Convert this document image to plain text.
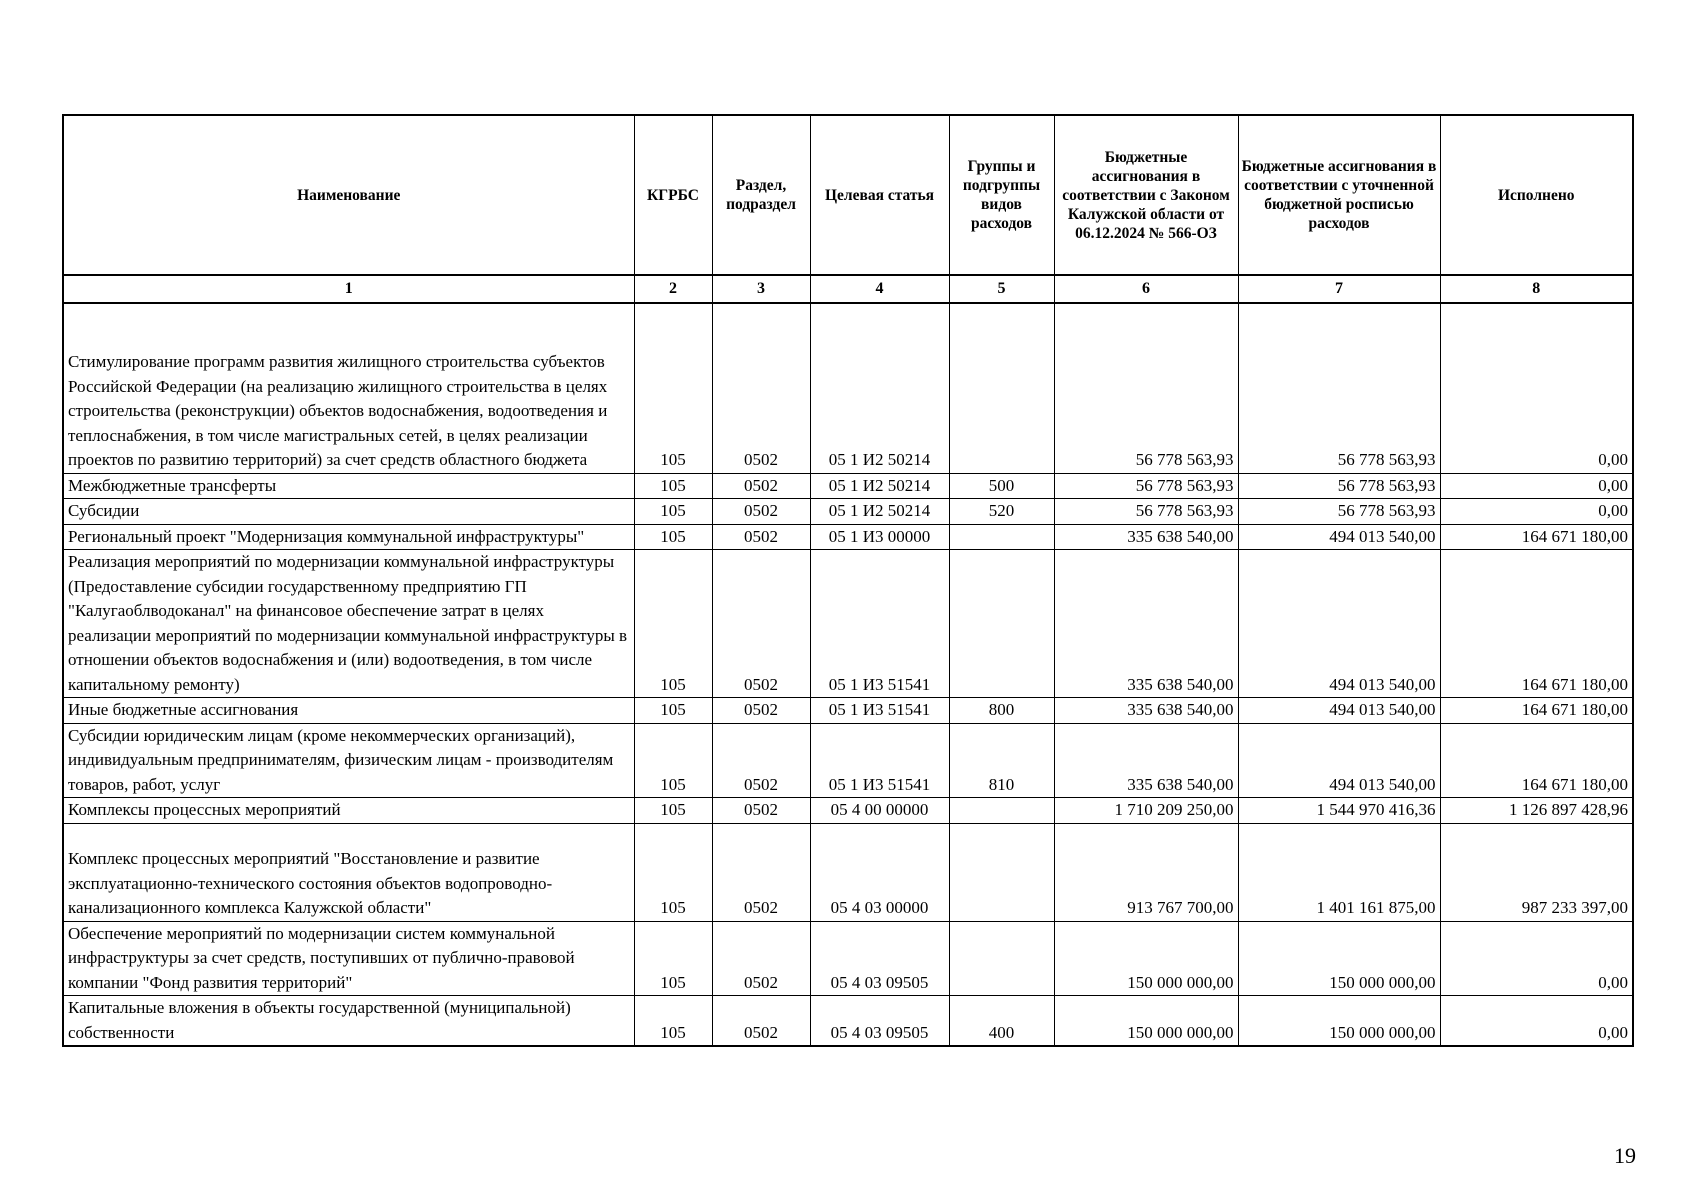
Наименование	КГРБС	Раздел, подраздел	Целевая статья	Группы и подгруппы видов расходов	Бюджетные ассигнования в соответствии с Законом Калужской области от 06.12.2024 № 566-ОЗ	Бюджетные ассигнования в соответствии с уточненной бюджетной росписью расходов	Исполнено
1	2	3	4	5	6	7	8
Стимулирование программ развития жилищного строительства субъектов Российской Федерации (на реализацию жилищного строительства в целях строительства (реконструкции) объектов водоснабжения, водоотведения и теплоснабжения, в том числе магистральных сетей, в целях реализации проектов по развитию территорий) за счет средств областного бюджета	105	0502	05 1 И2 50214		56 778 563,93	56 778 563,93	0,00
Межбюджетные трансферты	105	0502	05 1 И2 50214	500	56 778 563,93	56 778 563,93	0,00
Субсидии	105	0502	05 1 И2 50214	520	56 778 563,93	56 778 563,93	0,00
Региональный проект "Модернизация коммунальной инфраструктуры"	105	0502	05 1 И3 00000		335 638 540,00	494 013 540,00	164 671 180,00
Реализация мероприятий по модернизации коммунальной инфраструктуры (Предоставление субсидии государственному предприятию ГП "Калугаоблводоканал" на финансовое обеспечение затрат в целях реализации мероприятий по модернизации коммунальной инфраструктуры в отношении объектов водоснабжения и (или) водоотведения, в том числе капитальному ремонту)	105	0502	05 1 И3 51541		335 638 540,00	494 013 540,00	164 671 180,00
Иные бюджетные ассигнования	105	0502	05 1 И3 51541	800	335 638 540,00	494 013 540,00	164 671 180,00
Субсидии юридическим лицам (кроме некоммерческих организаций), индивидуальным предпринимателям, физическим лицам - производителям товаров, работ, услуг	105	0502	05 1 И3 51541	810	335 638 540,00	494 013 540,00	164 671 180,00
Комплексы процессных мероприятий	105	0502	05 4 00 00000		1 710 209 250,00	1 544 970 416,36	1 126 897 428,96
Комплекс процессных мероприятий "Восстановление и развитие эксплуатационно-технического состояния объектов водопроводно-канализационного комплекса Калужской области"	105	0502	05 4 03 00000		913 767 700,00	1 401 161 875,00	987 233 397,00
Обеспечение мероприятий по модернизации систем коммунальной инфраструктуры за счет средств, поступивших от публично-правовой компании "Фонд развития территорий"	105	0502	05 4 03 09505		150 000 000,00	150 000 000,00	0,00
Капитальные вложения в объекты государственной (муниципальной) собственности	105	0502	05 4 03 09505	400	150 000 000,00	150 000 000,00	0,00
19
